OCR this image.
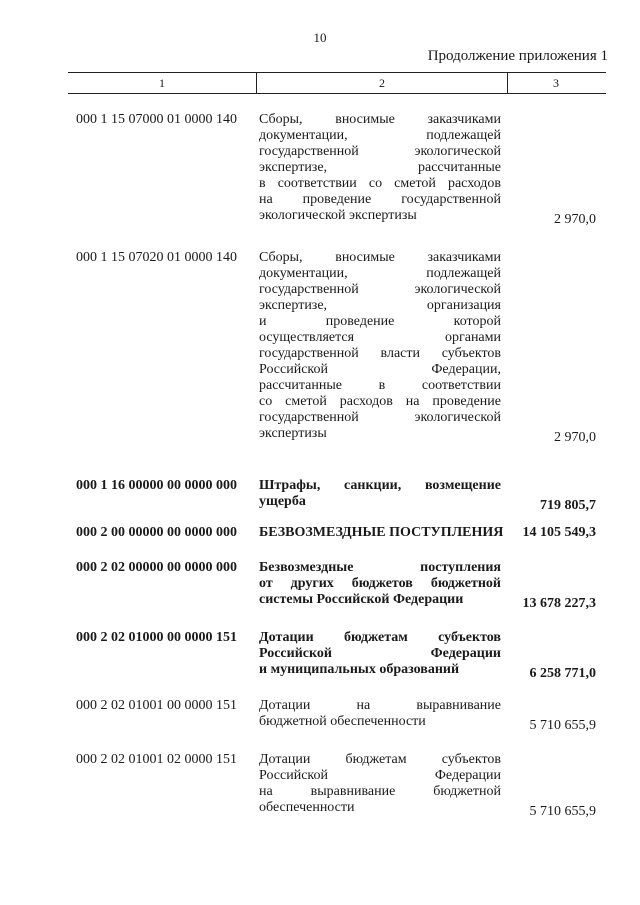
10
Продолжение приложения 1
1	2	3
000 1 15 07000 01 0000 140	Сборы, вносимые заказчиками
документации, подлежащей
государственной экологической
экспертизе, рассчитанные
в соответствии со сметой расходов
на проведение государственной
экологической экспертизы	2 970,0
000 1 15 07020 01 0000 140	Сборы, вносимые заказчиками
документации, подлежащей
государственной экологической
экспертизе, организация
и проведение которой
осуществляется органами
государственной власти субъектов
Российской Федерации,
рассчитанные в соответствии
со сметой расходов на проведение
государственной экологической
экспертизы	2 970,0
000 1 16 00000 00 0000 000	Штрафы, санкции, возмещение
ущерба	719 805,7
000 2 00 00000 00 0000 000	БЕЗВОЗМЕЗДНЫЕ ПОСТУПЛЕНИЯ 14 105 549,3
000 2 02 00000 00 0000 000	Безвозмездные поступления
от других бюджетов бюджетной
системы Российской Федерации	13 678 227,3
000 2 02 01000 00 0000 151	Дотации бюджетам субъектов
Российской Федерации
и муниципальных образований	6 258 771,0
000 2 02 01001 00 0000 151	Дотации на выравнивание
бюджетной обеспеченности	5 710 655,9
000 2 02 01001 02 0000 151	Дотации бюджетам субъектов
Российской Федерации
на выравнивание бюджетной
обеспеченности	5 710 655,9
